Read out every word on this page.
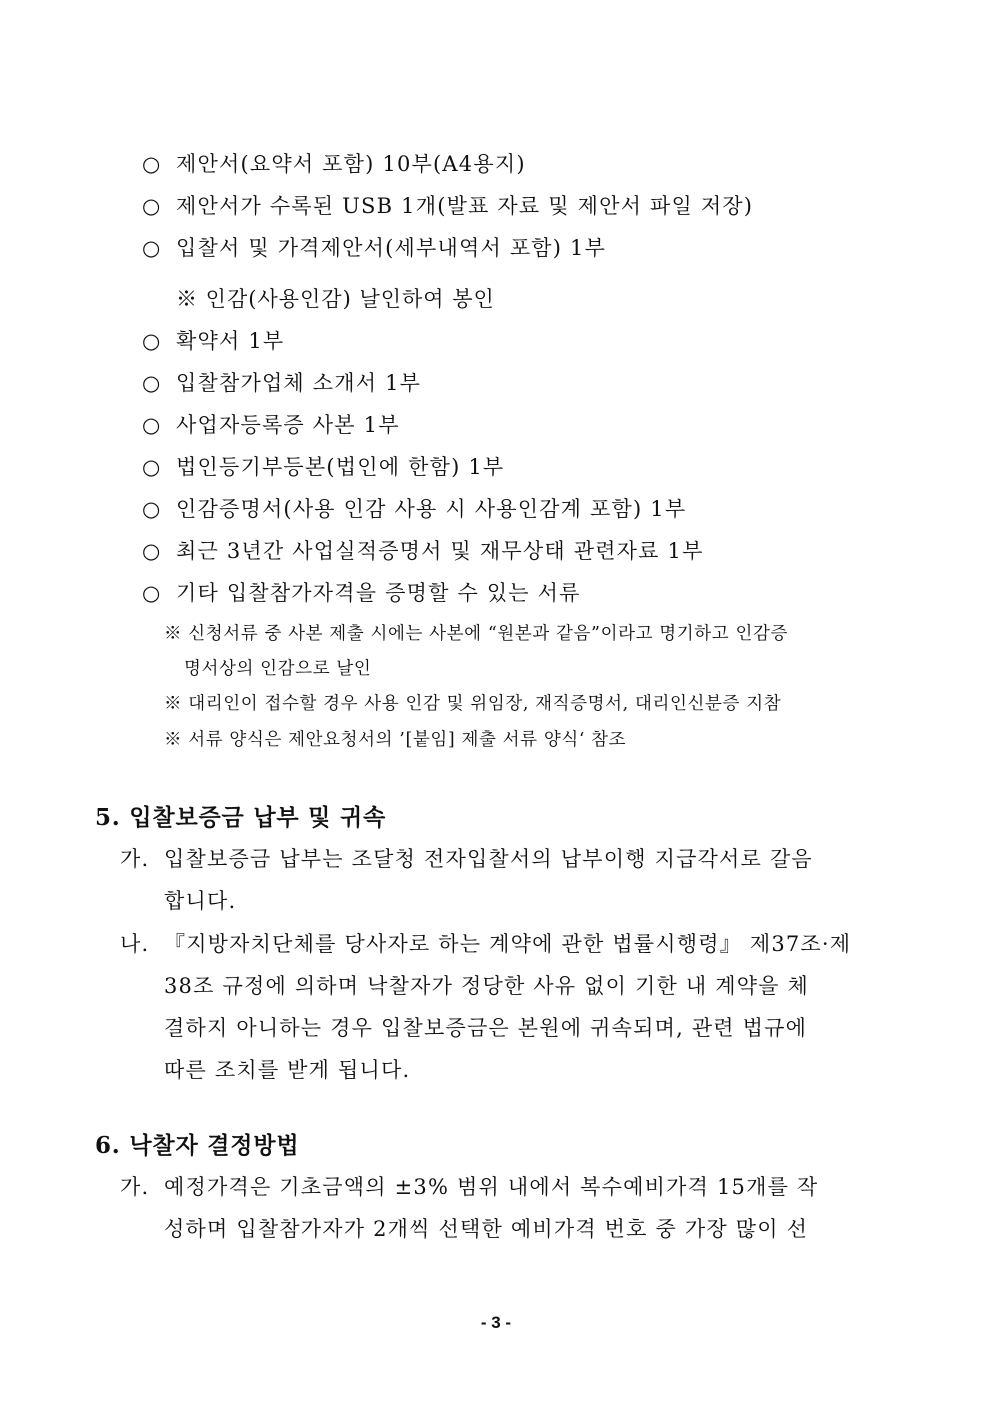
○ 제안서(요약서 포함) 10부(A4용지)
○ 제안서가 수록된 USB 1개(발표 자료 및 제안서 파일 저장)
○ 입찰서 및 가격제안서(세부내역서 포함) 1부
※ 인감(사용인감) 날인하여 봉인
○ 확약서 1부
○ 입찰참가업체 소개서 1부
○ 사업자등록증 사본 1부
○ 법인등기부등본(법인에 한함) 1부
○ 인감증명서(사용 인감 사용 시 사용인감계 포함) 1부
○ 최근 3년간 사업실적증명서 및 재무상태 관련자료 1부
○ 기타 입찰참가자격을 증명할 수 있는 서류
※ 신청서류 중 사본 제출 시에는 사본에 “원본과 같음”이라고 명기하고 인감증
명서상의 인감으로 날인
※ 대리인이 접수할 경우 사용 인감 및 위임장, 재직증명서, 대리인신분증 지참
※ 서류 양식은 제안요청서의 ’[붙임] 제출 서류 양식‘ 참조
5. 입찰보증금 납부 및 귀속
가. 입찰보증금 납부는 조달청 전자입찰서의 납부이행 지급각서로 갈음
합니다.
나. 『지방자치단체를 당사자로 하는 계약에 관한 법률시행령』 제37조·제
38조 규정에 의하며 낙찰자가 정당한 사유 없이 기한 내 계약을 체
결하지 아니하는 경우 입찰보증금은 본원에 귀속되며, 관련 법규에
따른 조치를 받게 됩니다.
6. 낙찰자 결정방법
가. 예정가격은 기초금액의 ±3% 범위 내에서 복수예비가격 15개를 작
성하며 입찰참가자가 2개씩 선택한 예비가격 번호 중 가장 많이 선
- 3 -
